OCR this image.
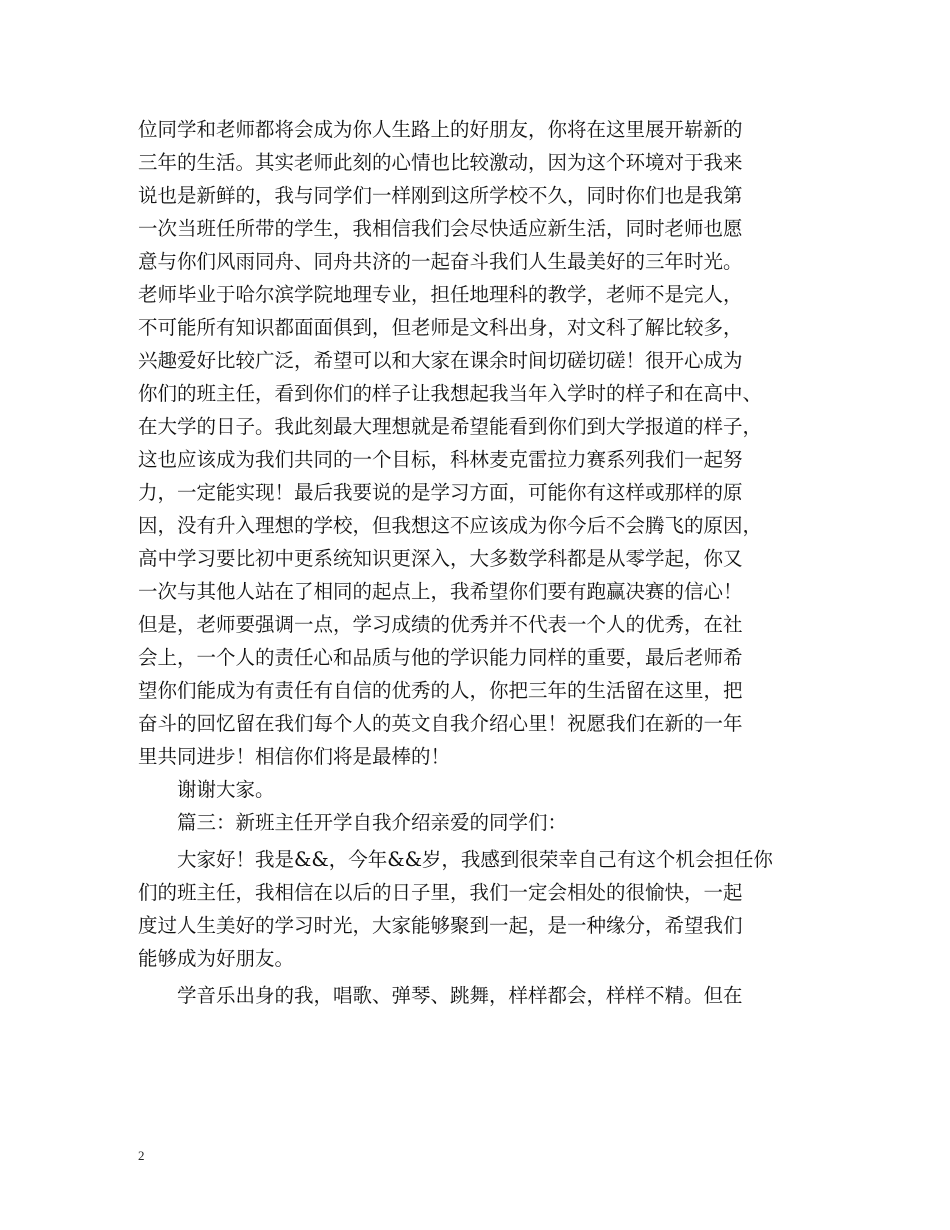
位同学和老师都将会成为你人生路上的好朋友，你将在这里展开崭新的
三年的生活。其实老师此刻的心情也比较激动，因为这个环境对于我来
说也是新鲜的，我与同学们一样刚到这所学校不久，同时你们也是我第
一次当班任所带的学生，我相信我们会尽快适应新生活，同时老师也愿
意与你们风雨同舟、同舟共济的一起奋斗我们人生最美好的三年时光。
老师毕业于哈尔滨学院地理专业，担任地理科的教学，老师不是完人，
不可能所有知识都面面俱到，但老师是文科出身，对文科了解比较多，
兴趣爱好比较广泛，希望可以和大家在课余时间切磋切磋！很开心成为
你们的班主任，看到你们的样子让我想起我当年入学时的样子和在高中、
在大学的日子。我此刻最大理想就是希望能看到你们到大学报道的样子，
这也应该成为我们共同的一个目标，科林麦克雷拉力赛系列我们一起努
力，一定能实现！最后我要说的是学习方面，可能你有这样或那样的原
因，没有升入理想的学校，但我想这不应该成为你今后不会腾飞的原因，
高中学习要比初中更系统知识更深入，大多数学科都是从零学起，你又
一次与其他人站在了相同的起点上，我希望你们要有跑赢决赛的信心！
但是，老师要强调一点，学习成绩的优秀并不代表一个人的优秀，在社
会上，一个人的责任心和品质与他的学识能力同样的重要，最后老师希
望你们能成为有责任有自信的优秀的人，你把三年的生活留在这里，把
奋斗的回忆留在我们每个人的英文自我介绍心里！祝愿我们在新的一年
里共同进步！相信你们将是最棒的！
谢谢大家。
篇三：新班主任开学自我介绍亲爱的同学们：
大家好！我是&&，今年&&岁，我感到很荣幸自己有这个机会担任你
们的班主任，我相信在以后的日子里，我们一定会相处的很愉快，一起
度过人生美好的学习时光，大家能够聚到一起，是一种缘分，希望我们
能够成为好朋友。
学音乐出身的我，唱歌、弹琴、跳舞，样样都会，样样不精。但在
2
